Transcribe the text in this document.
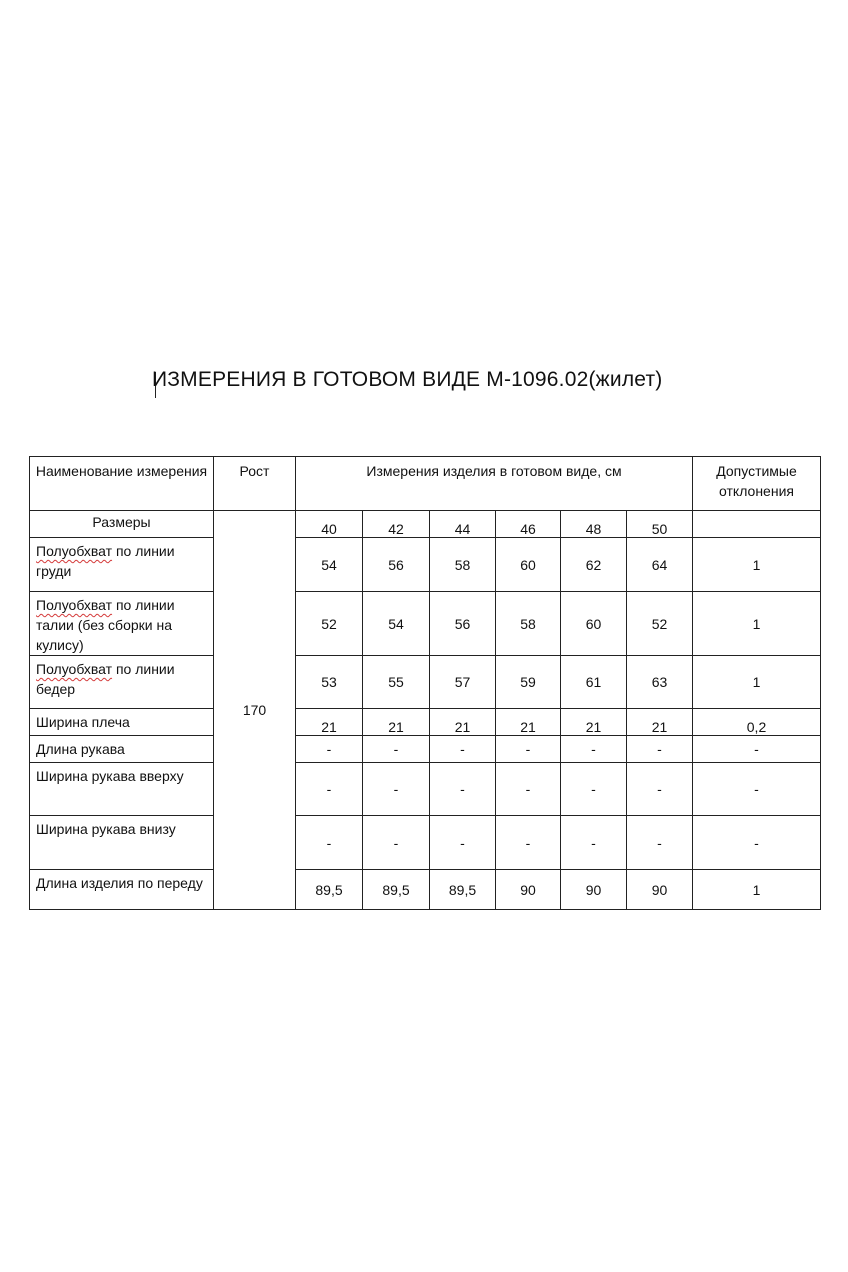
ИЗМЕРЕНИЯ В ГОТОВОМ ВИДЕ М-1096.02(жилет)
Наименование измерения	Рост	Измерения изделия в готовом виде, см						Допустимые отклонения
Размеры	170	40	42	44	46	48	50	
Полуобхват по линии груди		54	56	58	60	62	64	1
Полуобхват по линии талии (без сборки на кулису)		52	54	56	58	60	52	1
Полуобхват по линии бедер		53	55	57	59	61	63	1
Ширина плеча		21	21	21	21	21	21	0,2
Длина рукава		-	-	-	-	-	-	-
Ширина рукава вверху		-	-	-	-	-	-	-
Ширина рукава внизу		-	-	-	-	-	-	-
Длина изделия по переду		89,5	89,5	89,5	90	90	90	1
